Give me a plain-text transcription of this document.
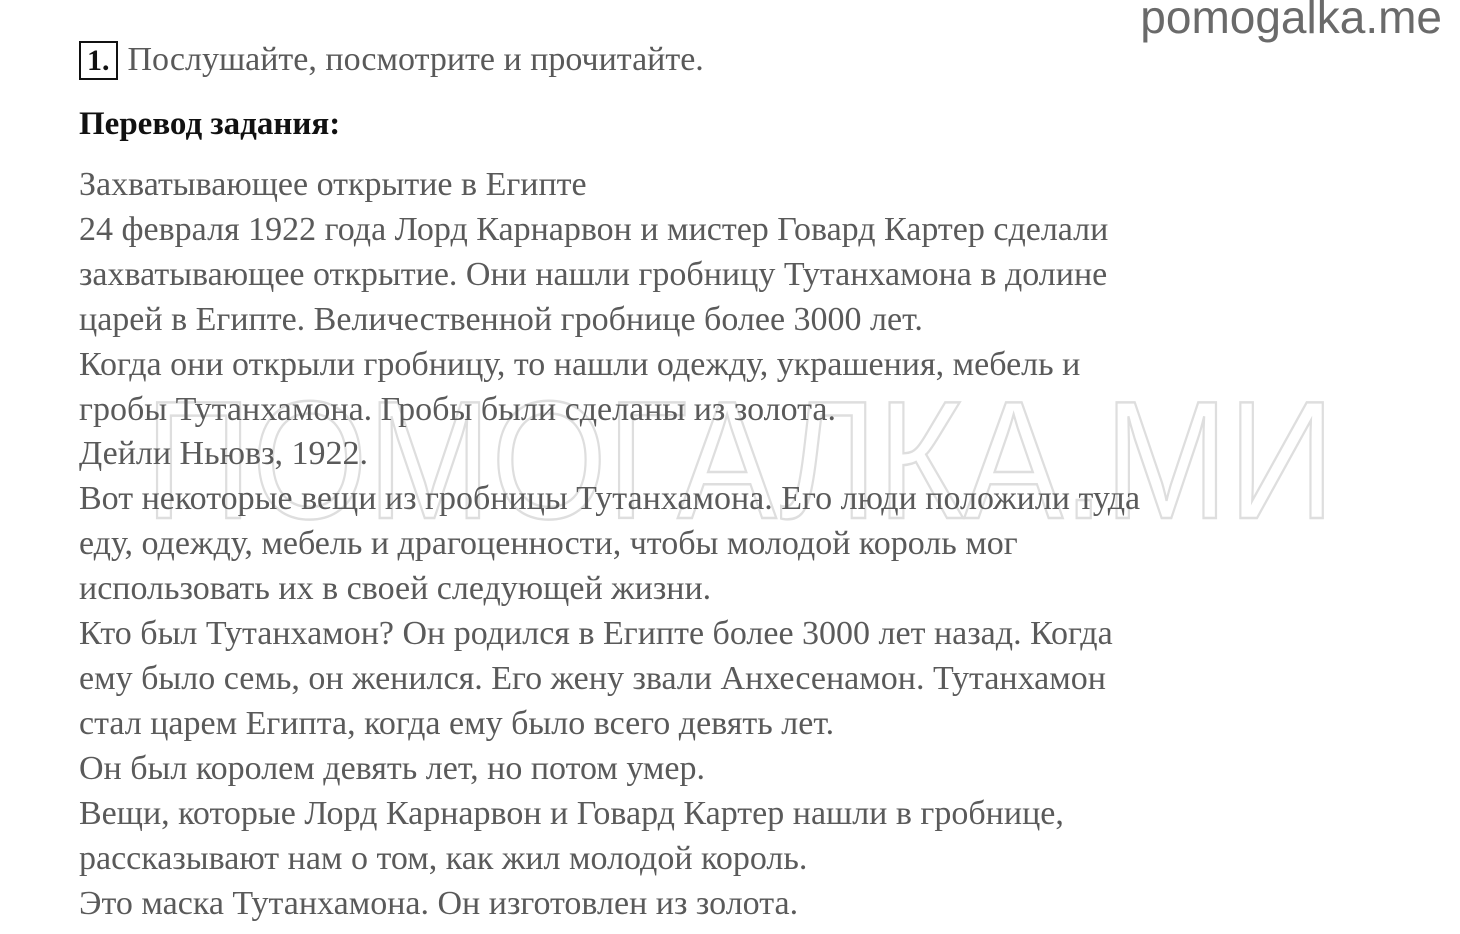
pomogalka.me
ПОМОГАЛКА.МИ
1. Послушайте, посмотрите и прочитайте.
Перевод задания:
Захватывающее открытие в Египте
24 февраля 1922 года Лорд Карнарвон и мистер Говард Картер сделали
захватывающее открытие. Они нашли гробницу Тутанхамона в долине
царей в Египте. Величественной гробнице более 3000 лет.
Когда они открыли гробницу, то нашли одежду, украшения, мебель и
гробы Тутанхамона. Гробы были сделаны из золота.
Дейли Ньювз, 1922.
Вот некоторые вещи из гробницы Тутанхамона. Его люди положили туда
еду, одежду, мебель и драгоценности, чтобы молодой король мог
использовать их в своей следующей жизни.
Кто был Тутанхамон? Он родился в Египте более 3000 лет назад. Когда
ему было семь, он женился. Его жену звали Анхесенамон. Тутанхамон
стал царем Египта, когда ему было всего девять лет.
Он был королем девять лет, но потом умер.
Вещи, которые Лорд Карнарвон и Говард Картер нашли в гробнице,
рассказывают нам о том, как жил молодой король.
Это маска Тутанхамона. Он изготовлен из золота.
